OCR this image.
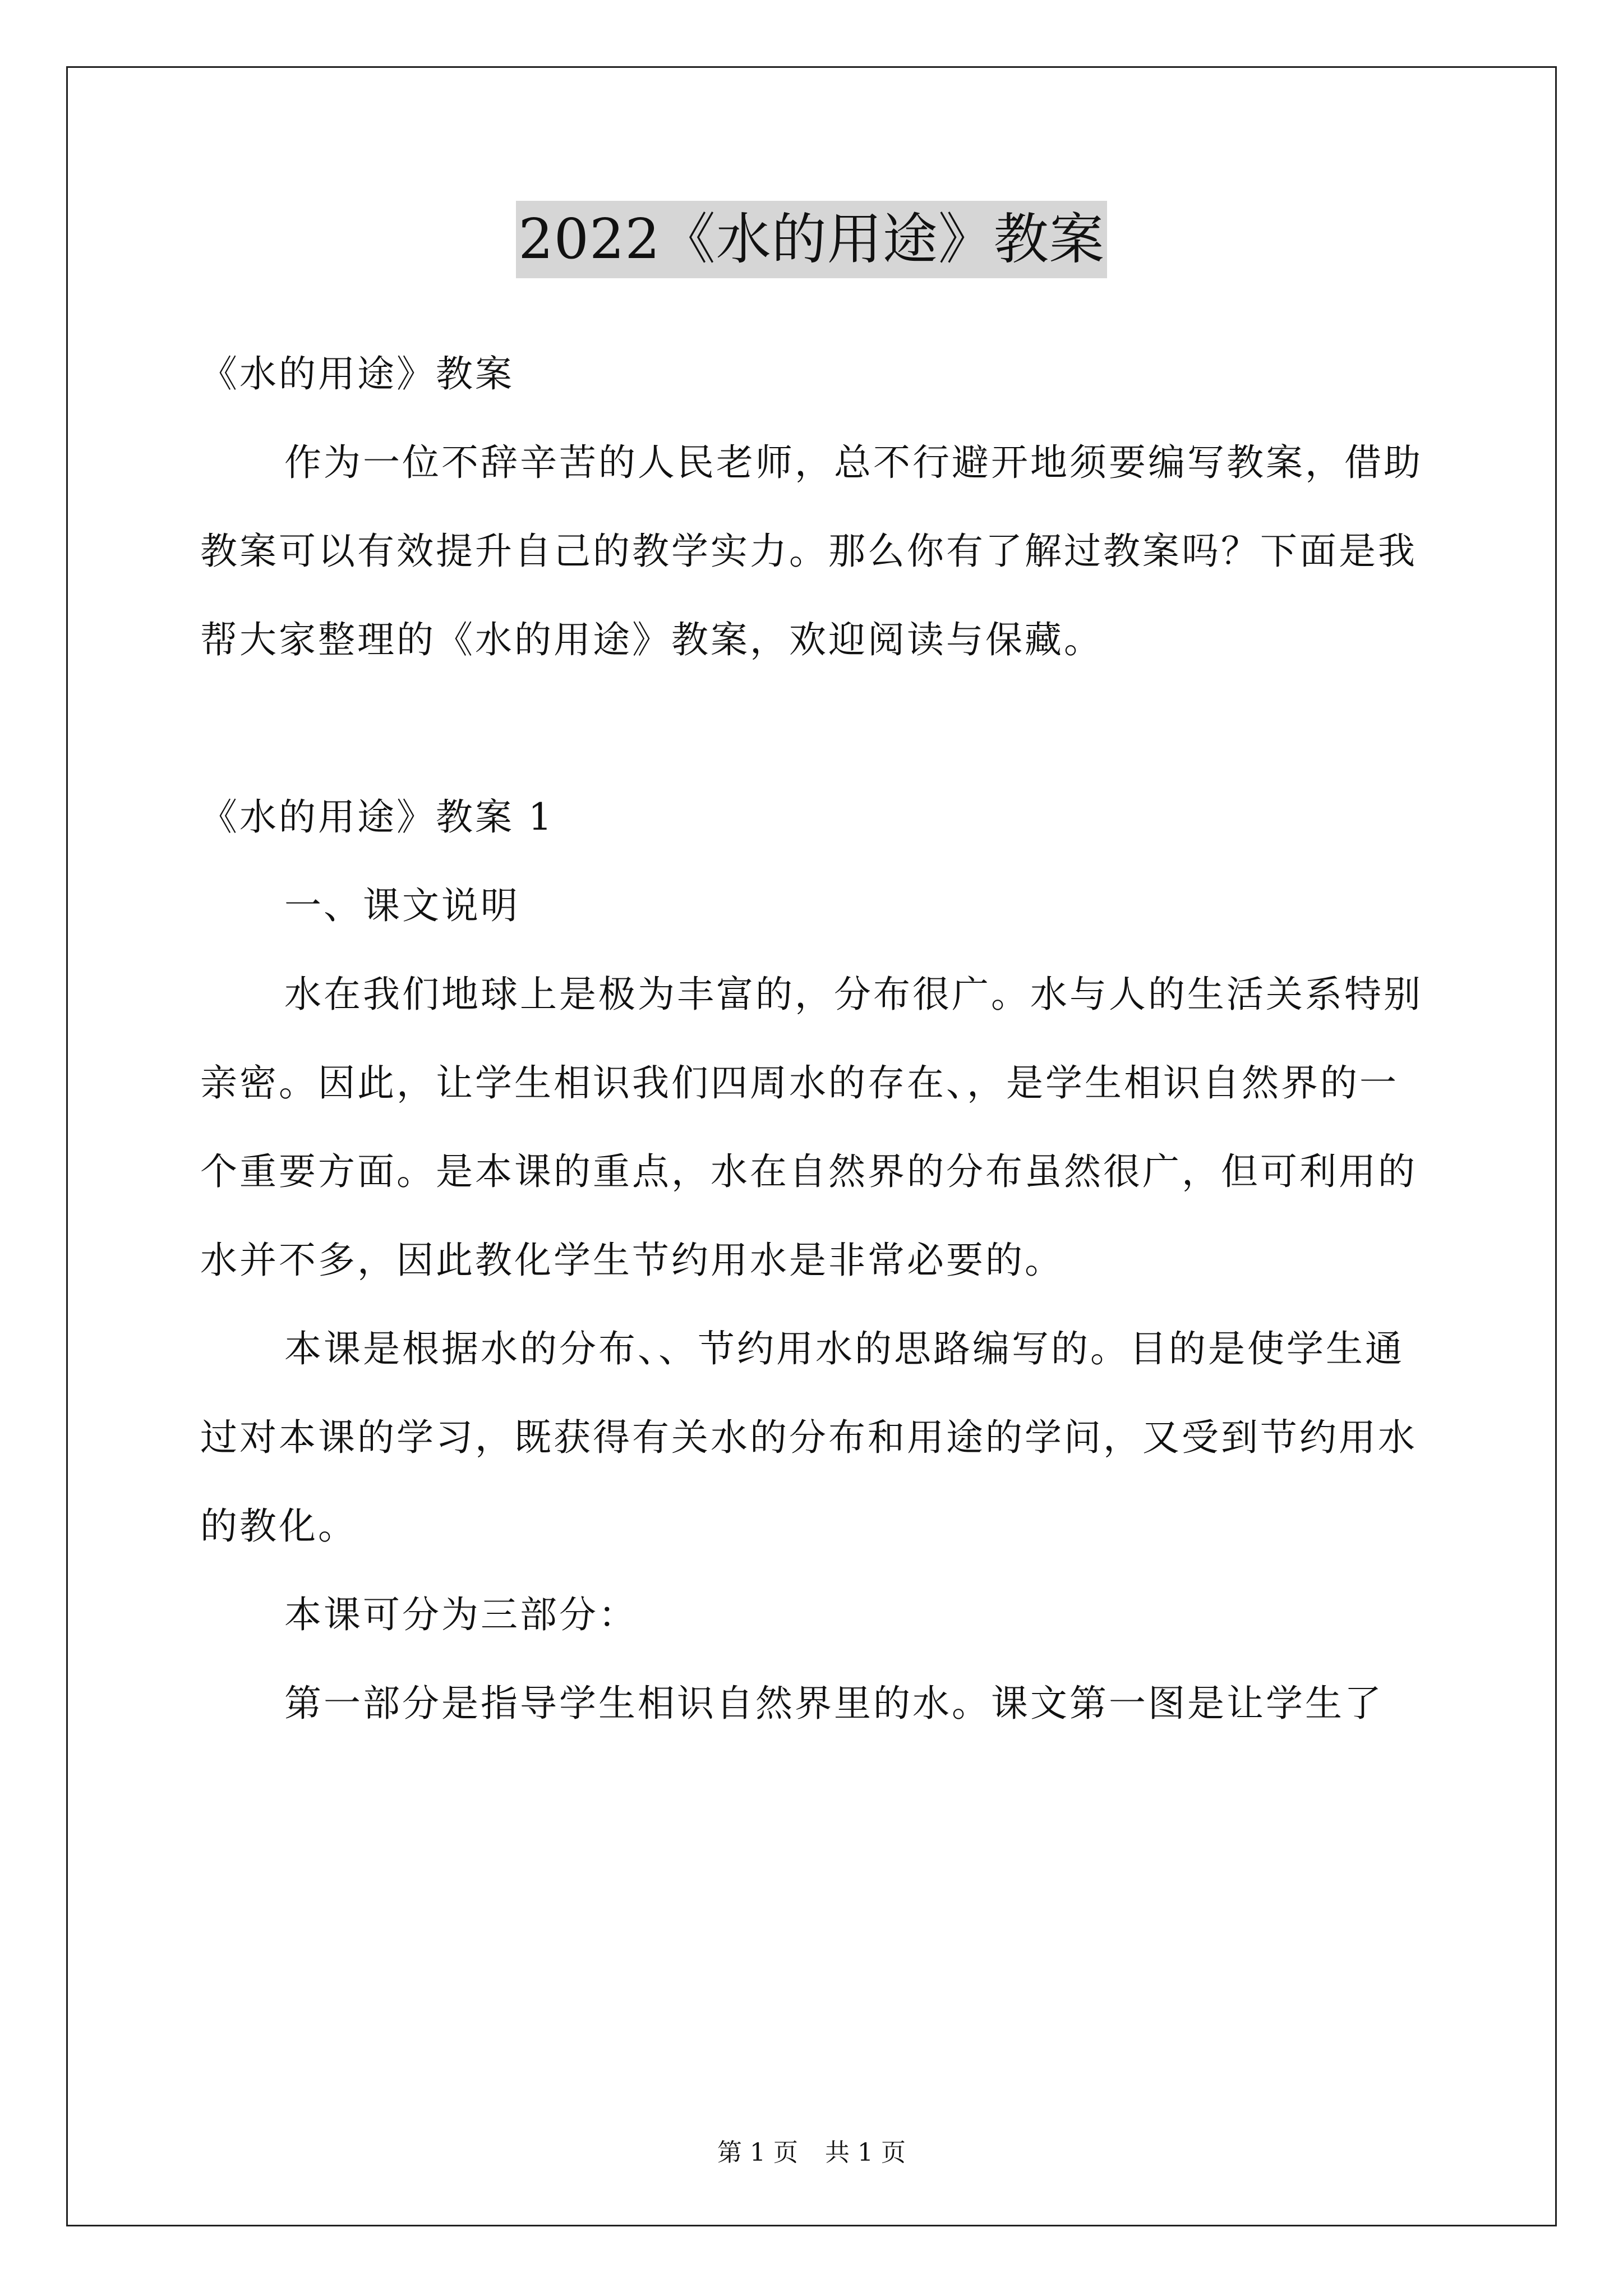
2022《水的用途》教案

《水的用途》教案

作为一位不辞辛苦的人民老师，总不行避开地须要编写教案，借助教案可以有效提升自己的教学实力。那么你有了解过教案吗？下面是我帮大家整理的《水的用途》教案，欢迎阅读与保藏。

《水的用途》教案 1

一、课文说明

水在我们地球上是极为丰富的，分布很广。水与人的生活关系特别亲密。因此，让学生相识我们四周水的存在、，是学生相识自然界的一个重要方面。是本课的重点，水在自然界的分布虽然很广，但可利用的水并不多，因此教化学生节约用水是非常必要的。

本课是根据水的分布、、节约用水的思路编写的。目的是使学生通过对本课的学习，既获得有关水的分布和用途的学问，又受到节约用水的教化。

本课可分为三部分：

第一部分是指导学生相识自然界里的水。课文第一图是让学生了

第 1 页 共 1 页
